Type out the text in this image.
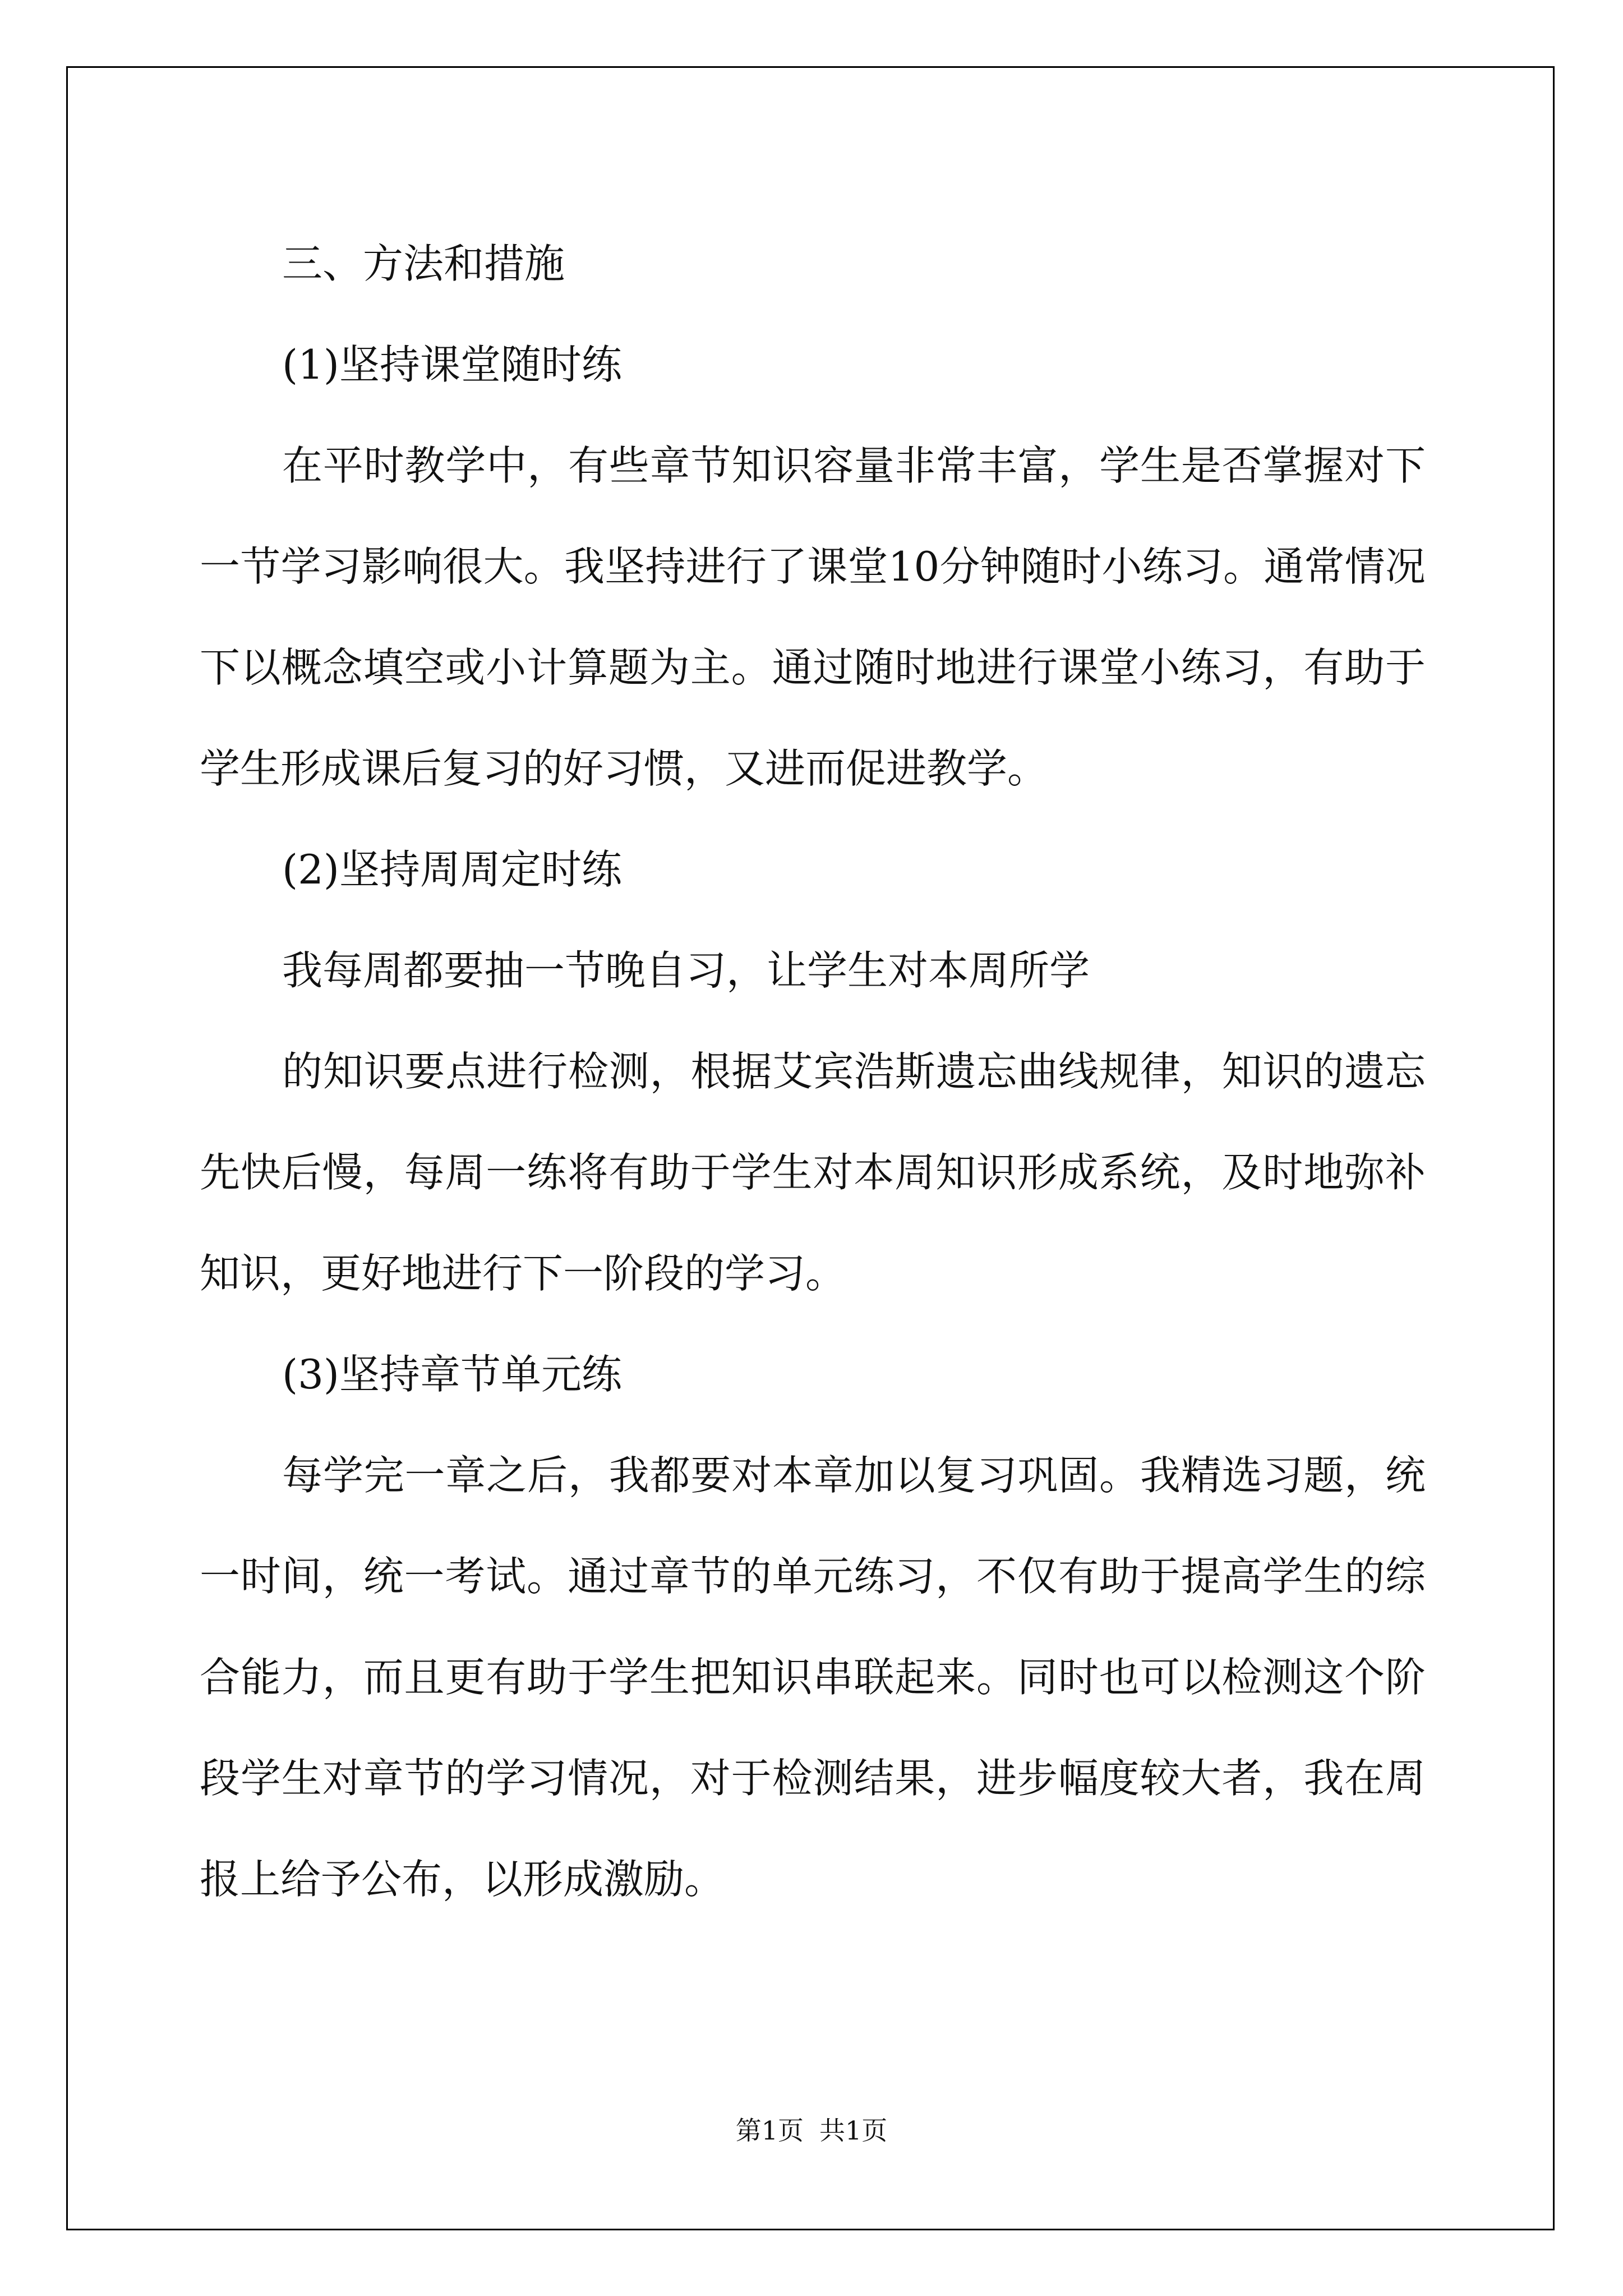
三、方法和措施
(1)坚持课堂随时练
在平时教学中，有些章节知识容量非常丰富，学生是否掌握对下
一节学习影响很大。我坚持进行了课堂10分钟随时小练习。通常情况
下以概念填空或小计算题为主。通过随时地进行课堂小练习，有助于
学生形成课后复习的好习惯，又进而促进教学。
(2)坚持周周定时练
我每周都要抽一节晚自习，让学生对本周所学
的知识要点进行检测，根据艾宾浩斯遗忘曲线规律，知识的遗忘
先快后慢，每周一练将有助于学生对本周知识形成系统，及时地弥补
知识，更好地进行下一阶段的学习。
(3)坚持章节单元练
每学完一章之后，我都要对本章加以复习巩固。我精选习题，统
一时间，统一考试。通过章节的单元练习，不仅有助于提高学生的综
合能力，而且更有助于学生把知识串联起来。同时也可以检测这个阶
段学生对章节的学习情况，对于检测结果，进步幅度较大者，我在周
报上给予公布，以形成激励。
第1页 共1页
